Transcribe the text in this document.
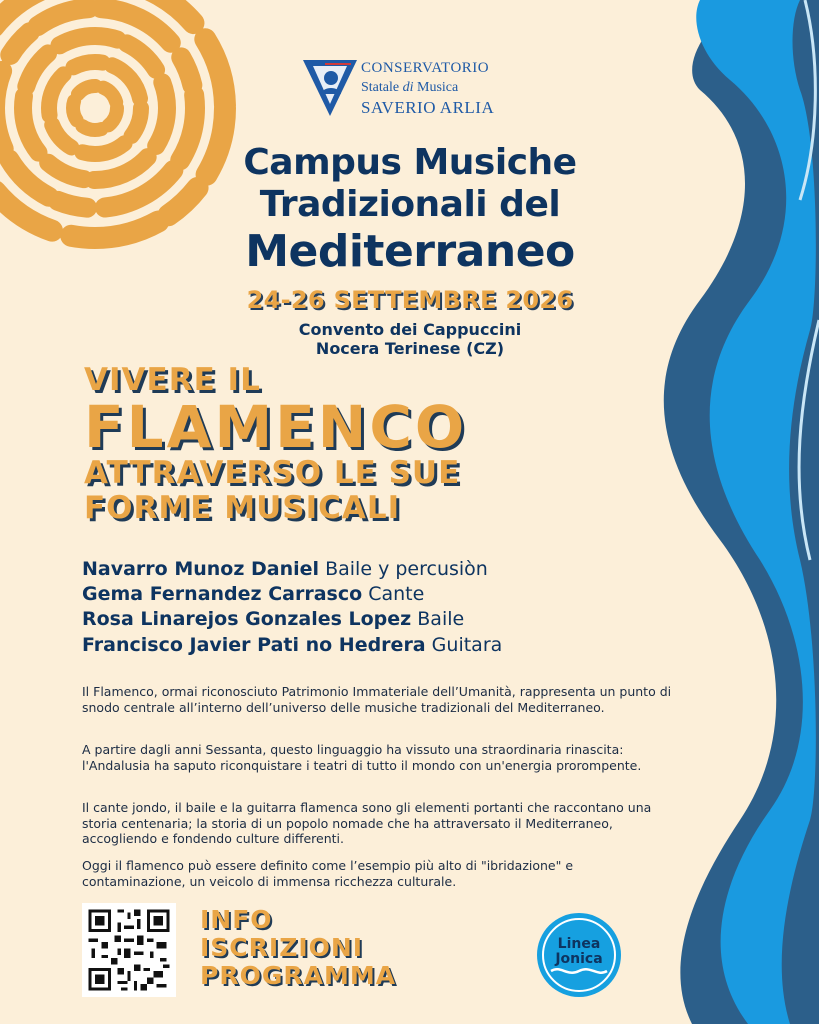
CONSERVATORIO
Statale di Musica
SAVERIO ARLIA
Campus Musiche
Tradizionali del
Mediterraneo
24-26 SETTEMBRE 2026
Convento dei Cappuccini
Nocera Terinese (CZ)
VIVERE IL
FLAMENCO
ATTRAVERSO LE SUE
FORME MUSICALI
Navarro Munoz Daniel Baile y percusiòn
Gema Fernandez Carrasco Cante
Rosa Linarejos Gonzales Lopez Baile
Francisco Javier Pati no Hedrera Guitara
Il Flamenco, ormai riconosciuto Patrimonio Immateriale dell’Umanità, rappresenta un punto di snodo centrale all’interno dell’universo delle musiche tradizionali del Mediterraneo.
A partire dagli anni Sessanta, questo linguaggio ha vissuto una straordinaria rinascita: l'Andalusia ha saputo riconquistare i teatri di tutto il mondo con un'energia prorompente.
Il cante jondo, il baile e la guitarra flamenca sono gli elementi portanti che raccontano una storia centenaria; la storia di un popolo nomade che ha attraversato il Mediterraneo, accogliendo e fondendo culture differenti.
Oggi il flamenco può essere definito come l’esempio più alto di "ibridazione" e contaminazione, un veicolo di immensa ricchezza culturale.
INFO
ISCRIZIONI
PROGRAMMA
Linea
Jonica
